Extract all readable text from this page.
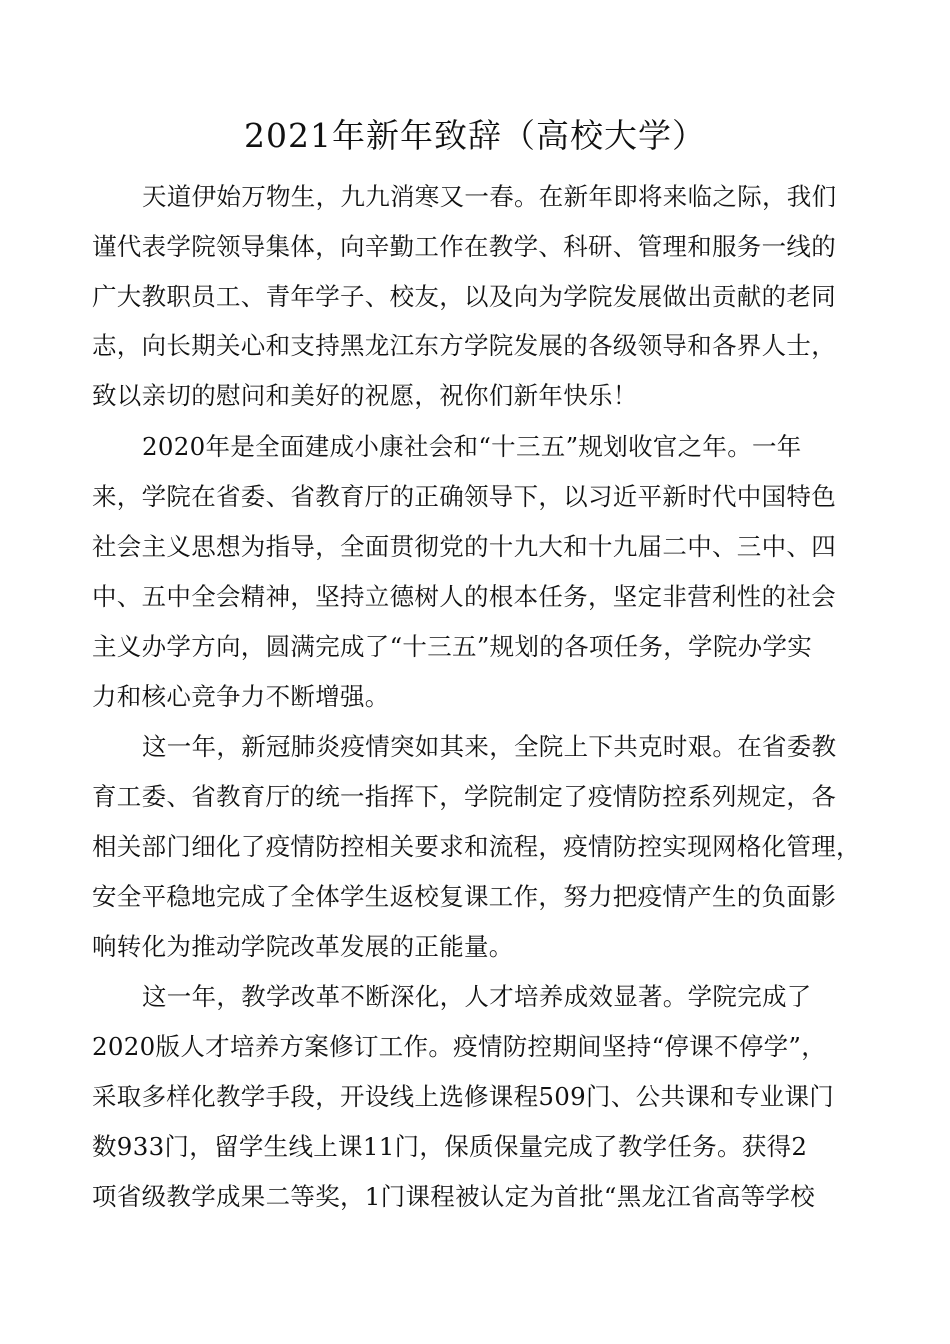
2021年新年致辞（高校大学）
天道伊始万物生，九九消寒又一春。在新年即将来临之际，我们
谨代表学院领导集体，向辛勤工作在教学、科研、管理和服务一线的
广大教职员工、青年学子、校友，以及向为学院发展做出贡献的老同
志，向长期关心和支持黑龙江东方学院发展的各级领导和各界人士，
致以亲切的慰问和美好的祝愿，祝你们新年快乐！
2020年是全面建成小康社会和“十三五”规划收官之年。一年
来，学院在省委、省教育厅的正确领导下，以习近平新时代中国特色
社会主义思想为指导，全面贯彻党的十九大和十九届二中、三中、四
中、五中全会精神，坚持立德树人的根本任务，坚定非营利性的社会
主义办学方向，圆满完成了“十三五”规划的各项任务，学院办学实
力和核心竞争力不断增强。
这一年，新冠肺炎疫情突如其来，全院上下共克时艰。在省委教
育工委、省教育厅的统一指挥下，学院制定了疫情防控系列规定，各
相关部门细化了疫情防控相关要求和流程，疫情防控实现网格化管理，
安全平稳地完成了全体学生返校复课工作，努力把疫情产生的负面影
响转化为推动学院改革发展的正能量。
这一年，教学改革不断深化，人才培养成效显著。学院完成了
2020版人才培养方案修订工作。疫情防控期间坚持“停课不停学”，
采取多样化教学手段，开设线上选修课程509门、公共课和专业课门
数933门，留学生线上课11门，保质保量完成了教学任务。获得2
项省级教学成果二等奖，1门课程被认定为首批“黑龙江省高等学校
